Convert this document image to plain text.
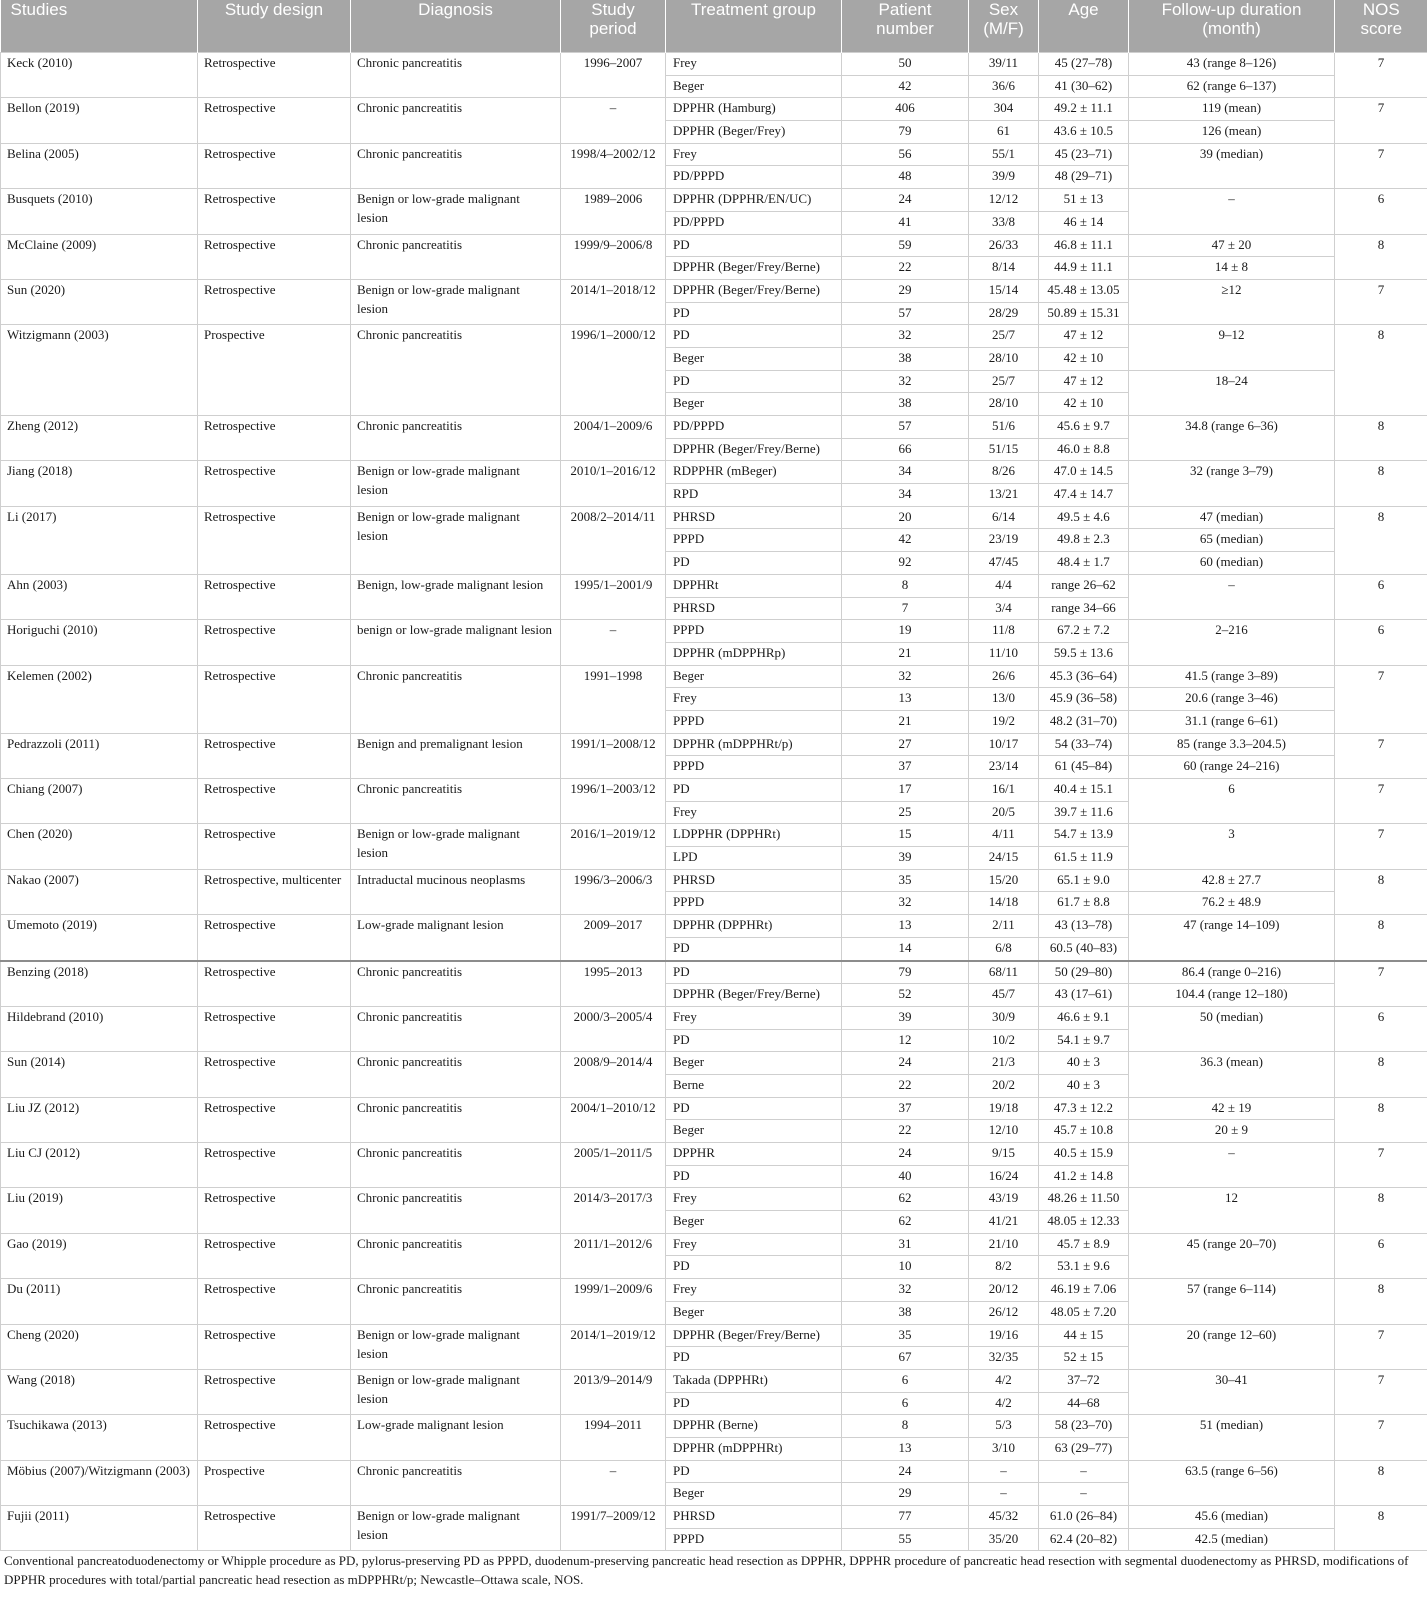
Studies	Study design	Diagnosis	Study period	Treatment group	Patient number	Sex (M/F)	Age	Follow-up duration (month)	NOS score
Keck (2010)	Retrospective	Chronic pancreatitis	1996–2007	Frey	50	39/11	45 (27–78)	43 (range 8–126)	7
				Beger	42	36/6	41 (30–62)	62 (range 6–137)	
Bellon (2019)	Retrospective	Chronic pancreatitis	–	DPPHR (Hamburg)	406	304	49.2 ± 11.1	119 (mean)	7
				DPPHR (Beger/Frey)	79	61	43.6 ± 10.5	126 (mean)	
Belina (2005)	Retrospective	Chronic pancreatitis	1998/4–2002/12	Frey	56	55/1	45 (23–71)	39 (median)	7
				PD/PPPD	48	39/9	48 (29–71)		
Busquets (2010)	Retrospective	Benign or low-grade malignant lesion	1989–2006	DPPHR (DPPHR/EN/UC)	24	12/12	51 ± 13	–	6
				PD/PPPD	41	33/8	46 ± 14		
McClaine (2009)	Retrospective	Chronic pancreatitis	1999/9–2006/8	PD	59	26/33	46.8 ± 11.1	47 ± 20	8
				DPPHR (Beger/Frey/Berne)	22	8/14	44.9 ± 11.1	14 ± 8	
Sun (2020)	Retrospective	Benign or low-grade malignant lesion	2014/1–2018/12	DPPHR (Beger/Frey/Berne)	29	15/14	45.48 ± 13.05	≥12	7
				PD	57	28/29	50.89 ± 15.31		
Witzigmann (2003)	Prospective	Chronic pancreatitis	1996/1–2000/12	PD	32	25/7	47 ± 12	9–12	8
				Beger	38	28/10	42 ± 10		
				PD	32	25/7	47 ± 12	18–24	
				Beger	38	28/10	42 ± 10		
Zheng (2012)	Retrospective	Chronic pancreatitis	2004/1–2009/6	PD/PPPD	57	51/6	45.6 ± 9.7	34.8 (range 6–36)	8
				DPPHR (Beger/Frey/Berne)	66	51/15	46.0 ± 8.8		
Jiang (2018)	Retrospective	Benign or low-grade malignant lesion	2010/1–2016/12	RDPPHR (mBeger)	34	8/26	47.0 ± 14.5	32 (range 3–79)	8
				RPD	34	13/21	47.4 ± 14.7		
Li (2017)	Retrospective	Benign or low-grade malignant lesion	2008/2–2014/11	PHRSD	20	6/14	49.5 ± 4.6	47 (median)	8
				PPPD	42	23/19	49.8 ± 2.3	65 (median)	
				PD	92	47/45	48.4 ± 1.7	60 (median)	
Ahn (2003)	Retrospective	Benign, low-grade malignant lesion	1995/1–2001/9	DPPHRt	8	4/4	range 26–62	–	6
				PHRSD	7	3/4	range 34–66		
Horiguchi (2010)	Retrospective	benign or low-grade malignant lesion	–	PPPD	19	11/8	67.2 ± 7.2	2–216	6
				DPPHR (mDPPHRp)	21	11/10	59.5 ± 13.6		
Kelemen (2002)	Retrospective	Chronic pancreatitis	1991–1998	Beger	32	26/6	45.3 (36–64)	41.5 (range 3–89)	7
				Frey	13	13/0	45.9 (36–58)	20.6 (range 3–46)	
				PPPD	21	19/2	48.2 (31–70)	31.1 (range 6–61)	
Pedrazzoli (2011)	Retrospective	Benign and premalignant lesion	1991/1–2008/12	DPPHR (mDPPHRt/p)	27	10/17	54 (33–74)	85 (range 3.3–204.5)	7
				PPPD	37	23/14	61 (45–84)	60 (range 24–216)	
Chiang (2007)	Retrospective	Chronic pancreatitis	1996/1–2003/12	PD	17	16/1	40.4 ± 15.1	6	7
				Frey	25	20/5	39.7 ± 11.6		
Chen (2020)	Retrospective	Benign or low-grade malignant lesion	2016/1–2019/12	LDPPHR (DPPHRt)	15	4/11	54.7 ± 13.9	3	7
				LPD	39	24/15	61.5 ± 11.9		
Nakao (2007)	Retrospective, multicenter	Intraductal mucinous neoplasms	1996/3–2006/3	PHRSD	35	15/20	65.1 ± 9.0	42.8 ± 27.7	8
				PPPD	32	14/18	61.7 ± 8.8	76.2 ± 48.9	
Umemoto (2019)	Retrospective	Low-grade malignant lesion	2009–2017	DPPHR (DPPHRt)	13	2/11	43 (13–78)	47 (range 14–109)	8
				PD	14	6/8	60.5 (40–83)		
Benzing (2018)	Retrospective	Chronic pancreatitis	1995–2013	PD	79	68/11	50 (29–80)	86.4 (range 0–216)	7
				DPPHR (Beger/Frey/Berne)	52	45/7	43 (17–61)	104.4 (range 12–180)	
Hildebrand (2010)	Retrospective	Chronic pancreatitis	2000/3–2005/4	Frey	39	30/9	46.6 ± 9.1	50 (median)	6
				PD	12	10/2	54.1 ± 9.7		
Sun (2014)	Retrospective	Chronic pancreatitis	2008/9–2014/4	Beger	24	21/3	40 ± 3	36.3 (mean)	8
				Berne	22	20/2	40 ± 3		
Liu JZ (2012)	Retrospective	Chronic pancreatitis	2004/1–2010/12	PD	37	19/18	47.3 ± 12.2	42 ± 19	8
				Beger	22	12/10	45.7 ± 10.8	20 ± 9	
Liu CJ (2012)	Retrospective	Chronic pancreatitis	2005/1–2011/5	DPPHR	24	9/15	40.5 ± 15.9	–	7
				PD	40	16/24	41.2 ± 14.8		
Liu (2019)	Retrospective	Chronic pancreatitis	2014/3–2017/3	Frey	62	43/19	48.26 ± 11.50	12	8
				Beger	62	41/21	48.05 ± 12.33		
Gao (2019)	Retrospective	Chronic pancreatitis	2011/1–2012/6	Frey	31	21/10	45.7 ± 8.9	45 (range 20–70)	6
				PD	10	8/2	53.1 ± 9.6		
Du (2011)	Retrospective	Chronic pancreatitis	1999/1–2009/6	Frey	32	20/12	46.19 ± 7.06	57 (range 6–114)	8
				Beger	38	26/12	48.05 ± 7.20		
Cheng (2020)	Retrospective	Benign or low-grade malignant lesion	2014/1–2019/12	DPPHR (Beger/Frey/Berne)	35	19/16	44 ± 15	20 (range 12–60)	7
				PD	67	32/35	52 ± 15		
Wang (2018)	Retrospective	Benign or low-grade malignant lesion	2013/9–2014/9	Takada (DPPHRt)	6	4/2	37–72	30–41	7
				PD	6	4/2	44–68		
Tsuchikawa (2013)	Retrospective	Low-grade malignant lesion	1994–2011	DPPHR (Berne)	8	5/3	58 (23–70)	51 (median)	7
				DPPHR (mDPPHRt)	13	3/10	63 (29–77)		
Möbius (2007)/Witzigmann (2003)	Prospective	Chronic pancreatitis	–	PD	24	–	–	63.5 (range 6–56)	8
				Beger	29	–	–		
Fujii (2011)	Retrospective	Benign or low-grade malignant lesion	1991/7–2009/12	PHRSD	77	45/32	61.0 (26–84)	45.6 (median)	8
				PPPD	55	35/20	62.4 (20–82)	42.5 (median)	
Conventional pancreatoduodenectomy or Whipple procedure as PD, pylorus-preserving PD as PPPD, duodenum-preserving pancreatic head resection as DPPHR, DPPHR procedure of pancreatic head resection with segmental duodenectomy as PHRSD, modifications of DPPHR procedures with total/partial pancreatic head resection as mDPPHRt/p; Newcastle–Ottawa scale, NOS.
